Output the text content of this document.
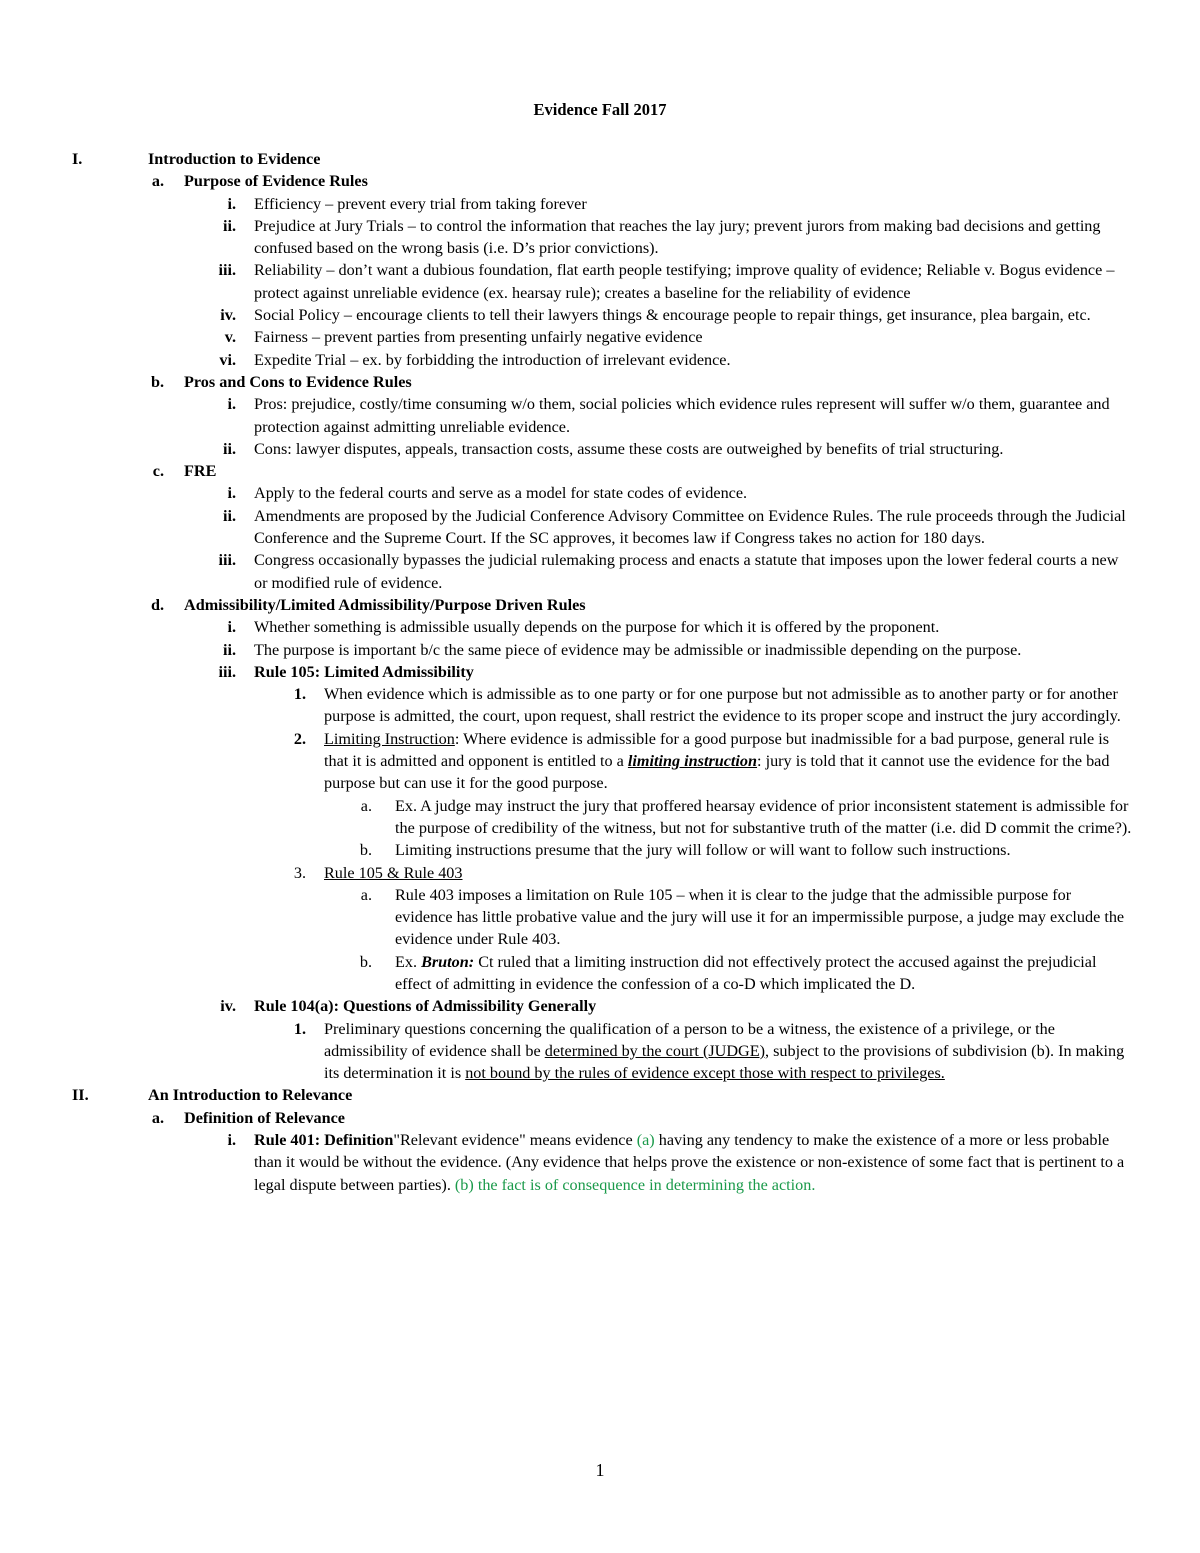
Evidence Fall 2017
I.	Introduction to Evidence
a. Purpose of Evidence Rules
i. Efficiency – prevent every trial from taking forever
ii. Prejudice at Jury Trials – to control the information that reaches the lay jury; prevent jurors from making bad decisions and getting confused based on the wrong basis (i.e. D’s prior convictions).
iii. Reliability – don’t want a dubious foundation, flat earth people testifying; improve quality of evidence; Reliable v. Bogus evidence – protect against unreliable evidence (ex. hearsay rule); creates a baseline for the reliability of evidence
iv. Social Policy – encourage clients to tell their lawyers things & encourage people to repair things, get insurance, plea bargain, etc.
v. Fairness – prevent parties from presenting unfairly negative evidence
vi. Expedite Trial – ex. by forbidding the introduction of irrelevant evidence.
b. Pros and Cons to Evidence Rules
i. Pros: prejudice, costly/time consuming w/o them, social policies which evidence rules represent will suffer w/o them, guarantee and protection against admitting unreliable evidence.
ii. Cons: lawyer disputes, appeals, transaction costs, assume these costs are outweighed by benefits of trial structuring.
c. FRE
i. Apply to the federal courts and serve as a model for state codes of evidence.
ii. Amendments are proposed by the Judicial Conference Advisory Committee on Evidence Rules. The rule proceeds through the Judicial Conference and the Supreme Court. If the SC approves, it becomes law if Congress takes no action for 180 days.
iii. Congress occasionally bypasses the judicial rulemaking process and enacts a statute that imposes upon the lower federal courts a new or modified rule of evidence.
d. Admissibility/Limited Admissibility/Purpose Driven Rules
i. Whether something is admissible usually depends on the purpose for which it is offered by the proponent.
ii. The purpose is important b/c the same piece of evidence may be admissible or inadmissible depending on the purpose.
iii. Rule 105: Limited Admissibility
1. When evidence which is admissible as to one party or for one purpose but not admissible as to another party or for another purpose is admitted, the court, upon request, shall restrict the evidence to its proper scope and instruct the jury accordingly.
2. Limiting Instruction: Where evidence is admissible for a good purpose but inadmissible for a bad purpose, general rule is that it is admitted and opponent is entitled to a limiting instruction: jury is told that it cannot use the evidence for the bad purpose but can use it for the good purpose.
a. Ex. A judge may instruct the jury that proffered hearsay evidence of prior inconsistent statement is admissible for the purpose of credibility of the witness, but not for substantive truth of the matter (i.e. did D commit the crime?).
b. Limiting instructions presume that the jury will follow or will want to follow such instructions.
3. Rule 105 & Rule 403
a. Rule 403 imposes a limitation on Rule 105 – when it is clear to the judge that the admissible purpose for evidence has little probative value and the jury will use it for an impermissible purpose, a judge may exclude the evidence under Rule 403.
b. Ex. Bruton: Ct ruled that a limiting instruction did not effectively protect the accused against the prejudicial effect of admitting in evidence the confession of a co-D which implicated the D.
iv. Rule 104(a): Questions of Admissibility Generally
1. Preliminary questions concerning the qualification of a person to be a witness, the existence of a privilege, or the admissibility of evidence shall be determined by the court (JUDGE), subject to the provisions of subdivision (b). In making its determination it is not bound by the rules of evidence except those with respect to privileges.
II.	An Introduction to Relevance
a. Definition of Relevance
i. Rule 401: Definition"Relevant evidence" means evidence (a) having any tendency to make the existence of a more or less probable than it would be without the evidence. (Any evidence that helps prove the existence or non-existence of some fact that is pertinent to a legal dispute between parties). (b) the fact is of consequence in determining the action.
1
